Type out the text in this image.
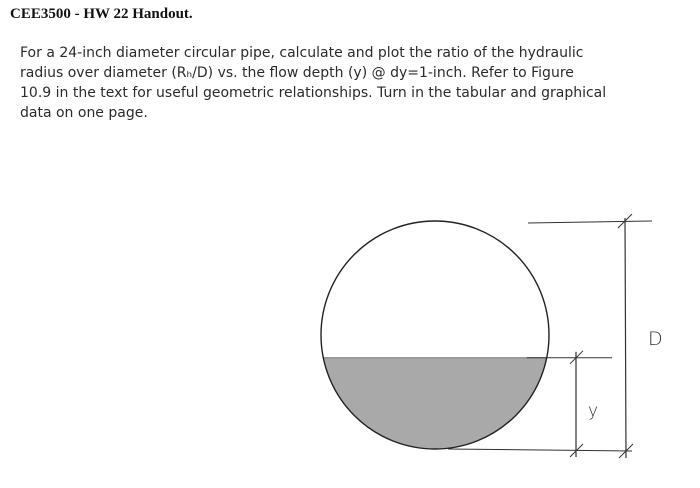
CEE3500 - HW 22 Handout.
For a 24-inch diameter circular pipe, calculate and plot the ratio of the hydraulic
radius over diameter (Rₕ/D) vs. the flow depth (y) @ dy=1-inch. Refer to Figure
10.9 in the text for useful geometric relationships. Turn in the tabular and graphical
data on one page.
D
y
